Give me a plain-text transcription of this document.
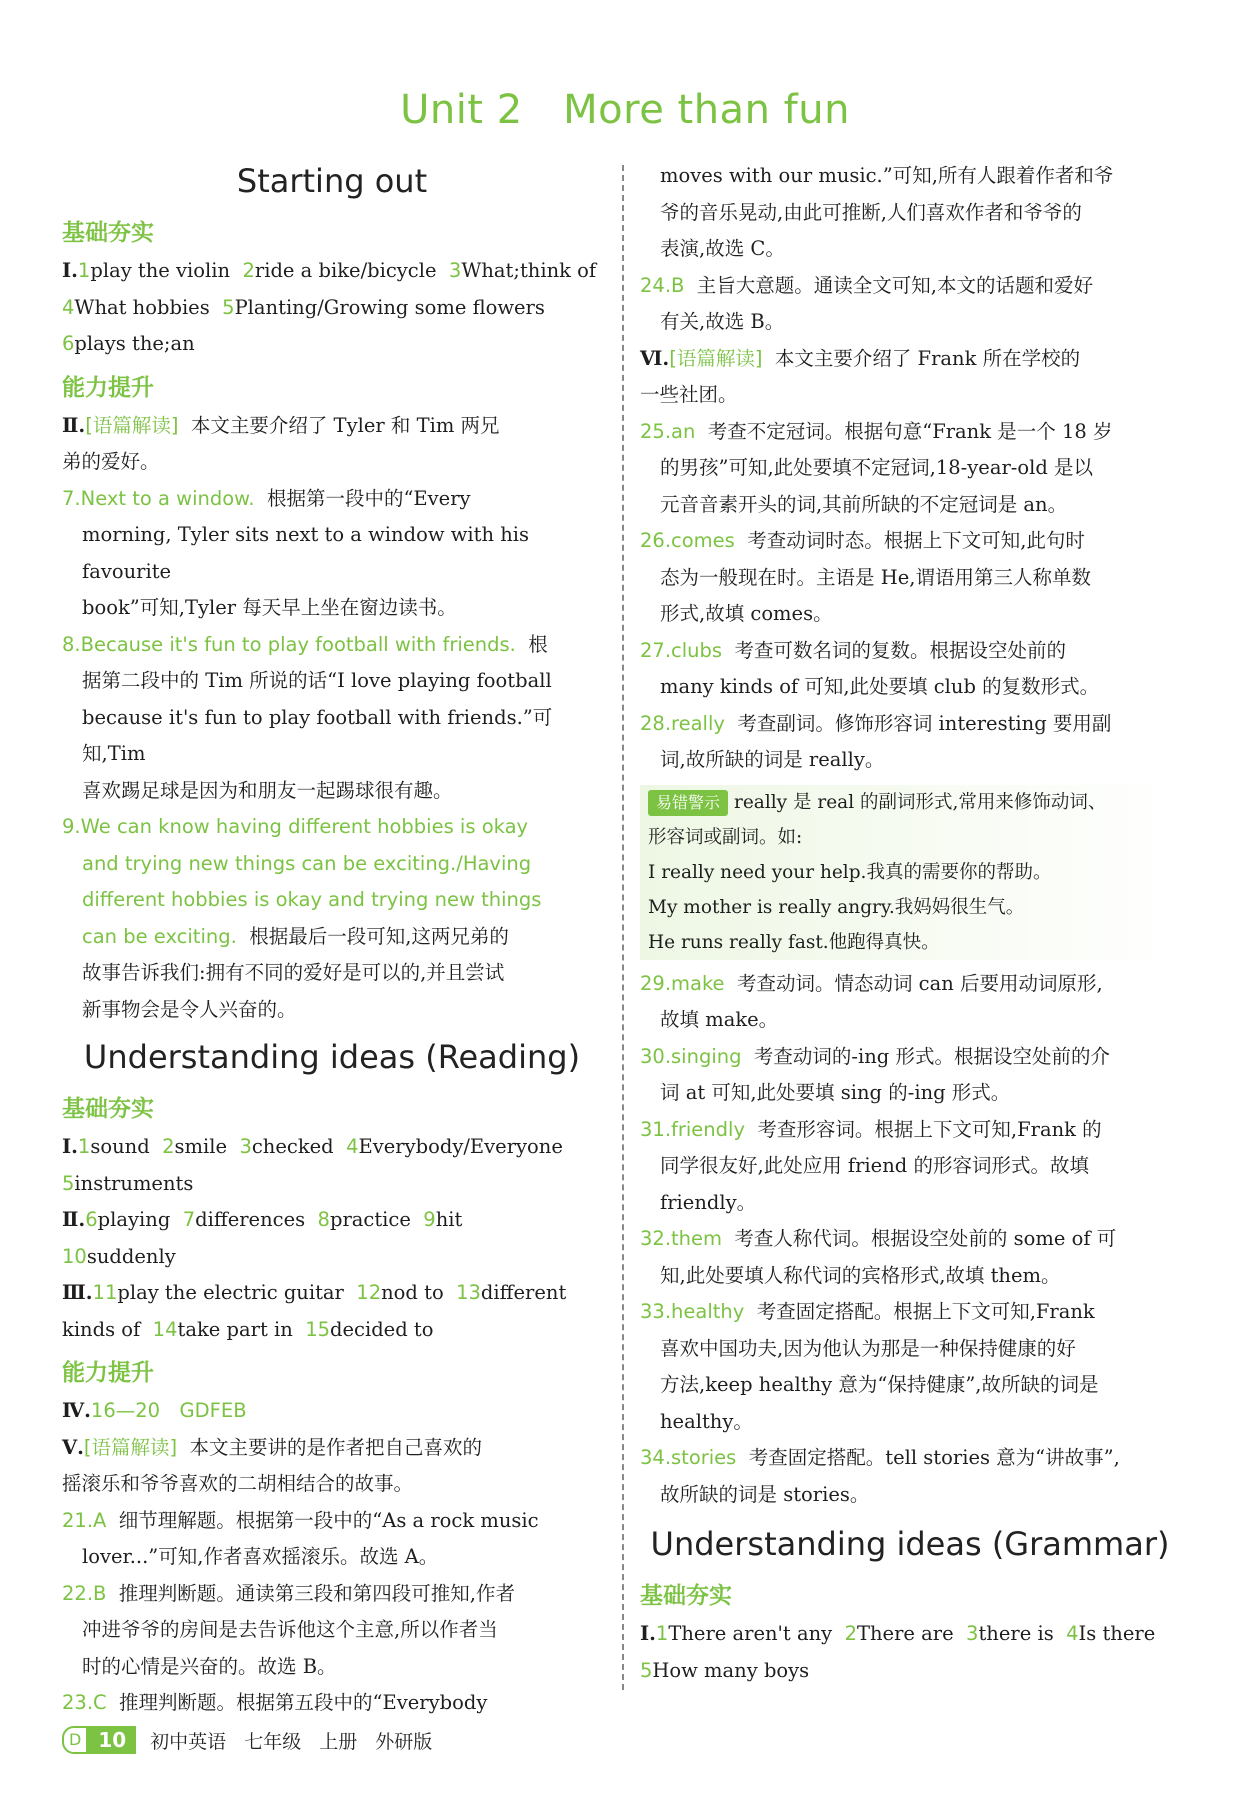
Unit 2　More than fun
Starting out
基础夯实

Ⅰ.1play the violin 2ride a bike/bicycle 3What;think of

4What hobbies 5Planting/Growing some flowers

6plays the;an

能力提升

Ⅱ.[语篇解读] 本文主要介绍了 Tyler 和 Tim 两兄

弟的爱好。

7.Next to a window. 根据第一段中的“Every

morning, Tyler sits next to a window with his favourite

book”可知,Tyler 每天早上坐在窗边读书。

8.Because it's fun to play football with friends. 根

据第二段中的 Tim 所说的话“I love playing football

because it's fun to play football with friends.”可知,Tim

喜欢踢足球是因为和朋友一起踢球很有趣。

9.We can know having different hobbies is okay

and trying new things can be exciting./Having

different hobbies is okay and trying new things

can be exciting. 根据最后一段可知,这两兄弟的

故事告诉我们:拥有不同的爱好是可以的,并且尝试

新事物会是令人兴奋的。

Understanding ideas (Reading)
基础夯实

Ⅰ.1sound 2smile 3checked 4Everybody/Everyone

5instruments

Ⅱ.6playing 7differences 8practice 9hit

10suddenly

Ⅲ.11play the electric guitar 12nod to 13different

kinds of 14take part in 15decided to

能力提升

Ⅳ.16—20　GDFEB

Ⅴ.[语篇解读] 本文主要讲的是作者把自己喜欢的

摇滚乐和爷爷喜欢的二胡相结合的故事。

21.A 细节理解题。根据第一段中的“As a rock music

lover...”可知,作者喜欢摇滚乐。故选 A。

22.B 推理判断题。通读第三段和第四段可推知,作者

冲进爷爷的房间是去告诉他这个主意,所以作者当

时的心情是兴奋的。故选 B。

23.C 推理判断题。根据第五段中的“Everybody

moves with our music.”可知,所有人跟着作者和爷

爷的音乐晃动,由此可推断,人们喜欢作者和爷爷的

表演,故选 C。

24.B 主旨大意题。通读全文可知,本文的话题和爱好

有关,故选 B。

Ⅵ.[语篇解读] 本文主要介绍了 Frank 所在学校的

一些社团。

25.an 考查不定冠词。根据句意“Frank 是一个 18 岁

的男孩”可知,此处要填不定冠词,18-year-old 是以

元音音素开头的词,其前所缺的不定冠词是 an。

26.comes 考查动词时态。根据上下文可知,此句时

态为一般现在时。主语是 He,谓语用第三人称单数

形式,故填 comes。

27.clubs 考查可数名词的复数。根据设空处前的

many kinds of 可知,此处要填 club 的复数形式。

28.really 考查副词。修饰形容词 interesting 要用副

词,故所缺的词是 really。

易错警示 really 是 real 的副词形式,常用来修饰动词、

形容词或副词。如:

I really need your help.我真的需要你的帮助。

My mother is really angry.我妈妈很生气。

He runs really fast.他跑得真快。

29.make 考查动词。情态动词 can 后要用动词原形,

故填 make。

30.singing 考查动词的-ing 形式。根据设空处前的介

词 at 可知,此处要填 sing 的-ing 形式。

31.friendly 考查形容词。根据上下文可知,Frank 的

同学很友好,此处应用 friend 的形容词形式。故填

friendly。

32.them 考查人称代词。根据设空处前的 some of 可

知,此处要填人称代词的宾格形式,故填 them。

33.healthy 考查固定搭配。根据上下文可知,Frank

喜欢中国功夫,因为他认为那是一种保持健康的好

方法,keep healthy 意为“保持健康”,故所缺的词是

healthy。

34.stories 考查固定搭配。tell stories 意为“讲故事”,

故所缺的词是 stories。

Understanding ideas (Grammar)
基础夯实

Ⅰ.1There aren't any 2There are 3there is 4Is there

5How many boys

D 10	初中英语 七年级 上册 外研版
